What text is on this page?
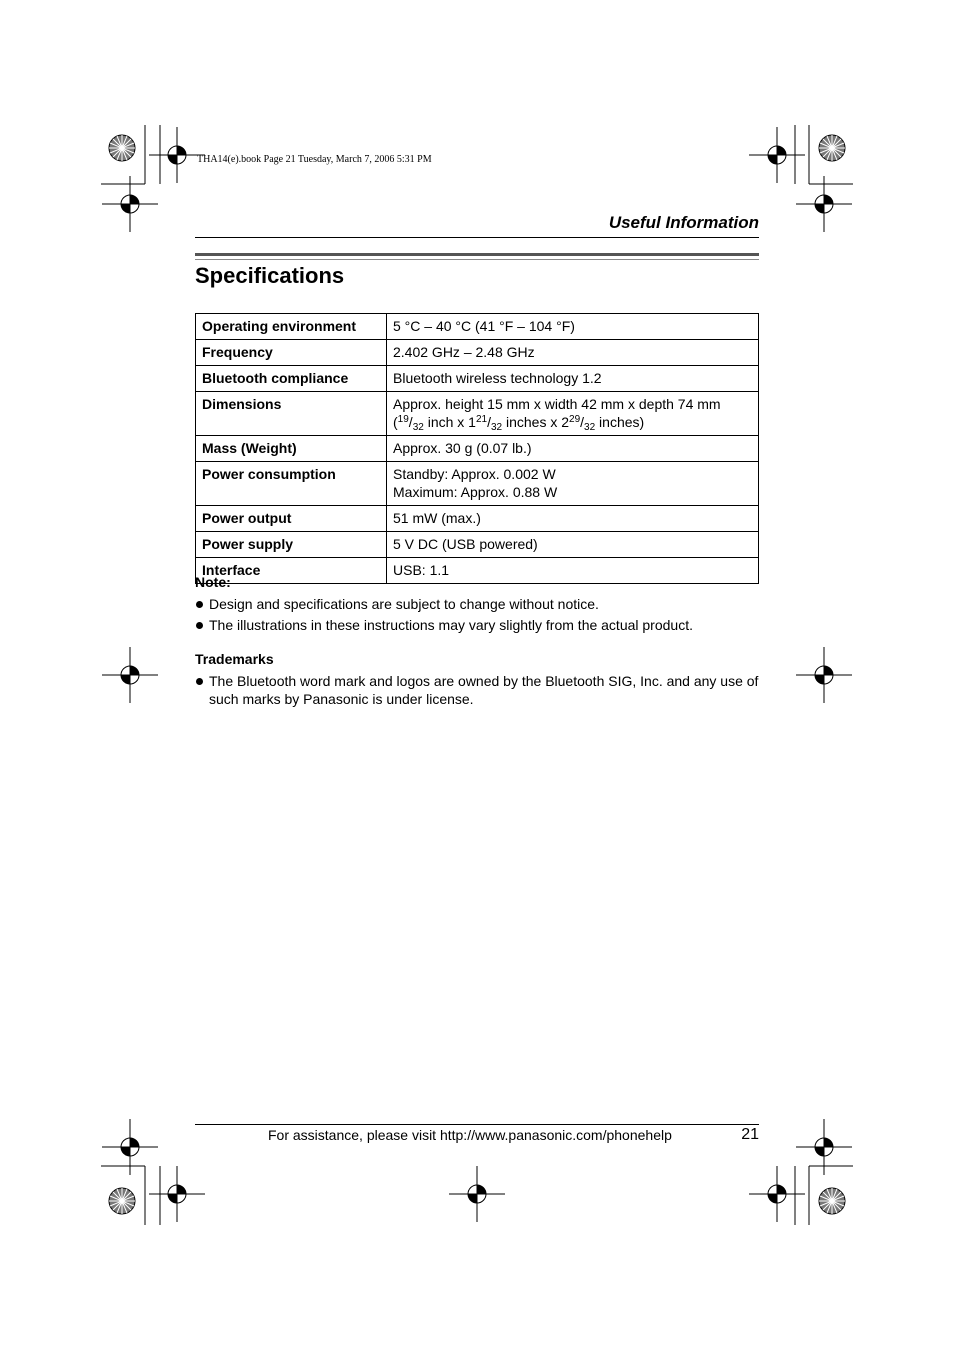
THA14(e).book Page 21 Tuesday, March 7, 2006 5:31 PM
Useful Information
Specifications
Operating environment	5 °C – 40 °C (41 °F – 104 °F)
Frequency	2.402 GHz – 2.48 GHz
Bluetooth compliance	Bluetooth wireless technology 1.2
Dimensions	Approx. height 15 mm x width 42 mm x depth 74 mm
($^{19}/_{32}$ inch x $1^{21}/_{32}$ inches x $2^{29}/_{32}$ inches)
Mass (Weight)	Approx. 30 g (0.07 lb.)
Power consumption	Standby: Approx. 0.002 W
Maximum: Approx. 0.88 W
Power output	51 mW (max.)
Power supply	5 V DC (USB powered)
Interface	USB: 1.1
Note:
Design and specifications are subject to change without notice.
The illustrations in these instructions may vary slightly from the actual product.
Trademarks
The Bluetooth word mark and logos are owned by the Bluetooth SIG, Inc. and any use of such marks by Panasonic is under license.
For assistance, please visit http://www.panasonic.com/phonehelp	21
